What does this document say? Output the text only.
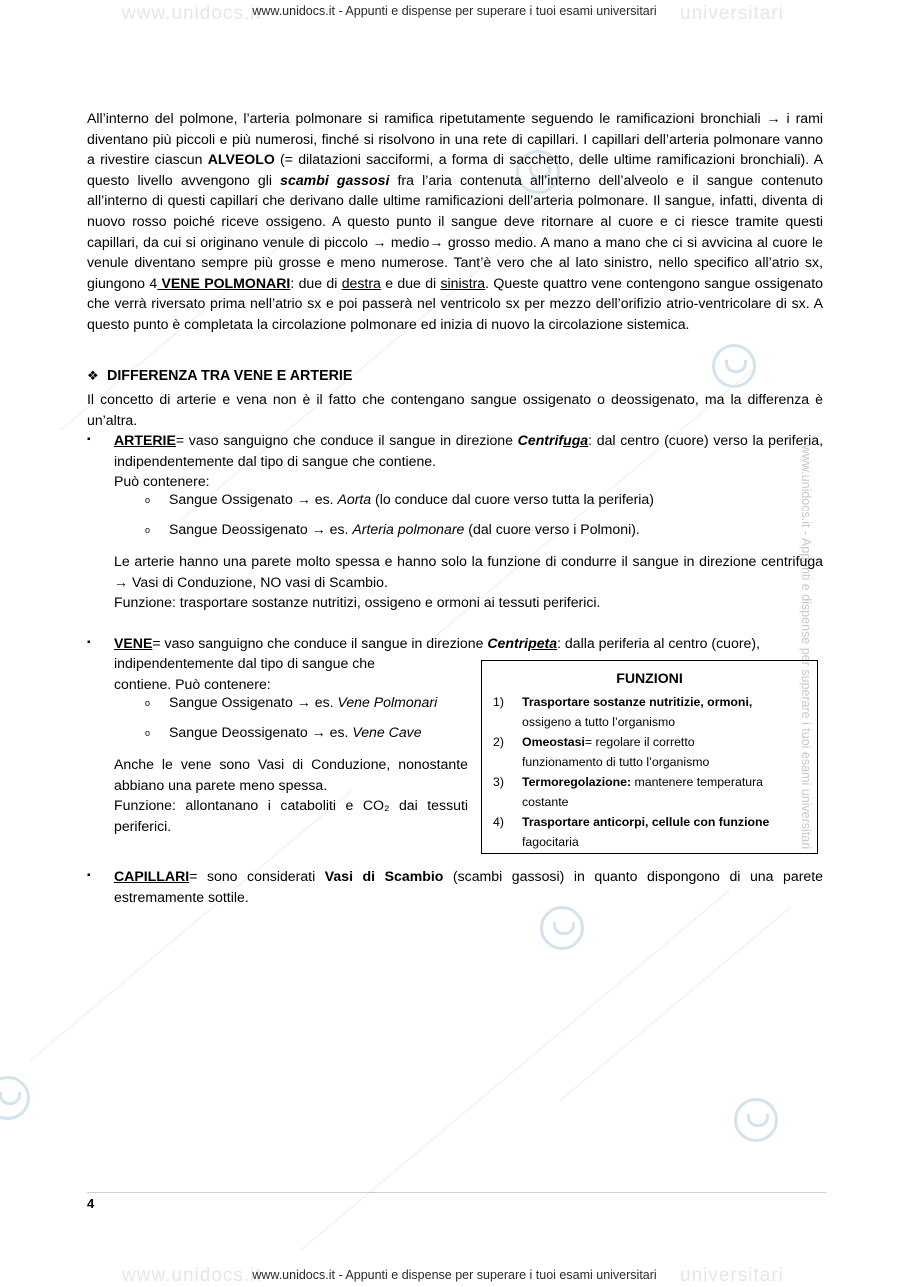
www.unidocs.it	universitari
www.unidocs.it	universitari
www.unidocs.it - Appunti e dispense per superare i tuoi esami universitari
www.unidocs.it - Appunti e dispense per superare i tuoi esami universitari

All’interno del polmone, l’arteria polmonare si ramifica ripetutamente seguendo le ramificazioni bronchiali → i rami diventano più piccoli e più numerosi, finché si risolvono in una rete di capillari. I capillari dell’arteria polmonare vanno a rivestire ciascun ALVEOLO (= dilatazioni sacciformi, a forma di sacchetto, delle ultime ramificazioni bronchiali). A questo livello avvengono gli scambi gassosi fra l’aria contenuta all’interno dell’alveolo e il sangue contenuto all’interno di questi capillari che derivano dalle ultime ramificazioni dell’arteria polmonare. Il sangue, infatti, diventa di nuovo rosso poiché riceve ossigeno. A questo punto il sangue deve ritornare al cuore e ci riesce tramite questi capillari, da cui si originano venule di piccolo → medio→ grosso medio. A mano a mano che ci si avvicina al cuore le venule diventano sempre più grosse e meno numerose. Tant’è vero che al lato sinistro, nello specifico all’atrio sx, giungono 4 VENE POLMONARI: due di destra e due di sinistra. Queste quattro vene contengono sangue ossigenato che verrà riversato prima nell’atrio sx e poi passerà nel ventricolo sx per mezzo dell’orifizio atrio-ventricolare di sx. A questo punto è completata la circolazione polmonare ed inizia di nuovo la circolazione sistemica.

❖ DIFFERENZA TRA VENE E ARTERIE

Il concetto di arterie e vena non è il fatto che contengano sangue ossigenato o deossigenato, ma la differenza è un’altra.

▪ ARTERIE= vaso sanguigno che conduce il sangue in direzione Centrifuga: dal centro (cuore) verso la periferia, indipendentemente dal tipo di sangue che contiene.
Può contenere:
o Sangue Ossigenato → es. Aorta (lo conduce dal cuore verso tutta la periferia)
o Sangue Deossigenato → es. Arteria polmonare (dal cuore verso i Polmoni).
Le arterie hanno una parete molto spessa e hanno solo la funzione di condurre il sangue in direzione centrifuga → Vasi di Conduzione, NO vasi di Scambio.
Funzione: trasportare sostanze nutritizi, ossigeno e ormoni ai tessuti periferici.
▪ VENE= vaso sanguigno che conduce il sangue in direzione Centripeta: dalla periferia al centro (cuore),
indipendentemente dal tipo di sangue che
contiene. Può contenere:
o Sangue Ossigenato → es. Vene Polmonari
o Sangue Deossigenato → es. Vene Cave
Anche le vene sono Vasi di Conduzione, nonostante abbiano una parete meno spessa.
Funzione: allontanano i cataboliti e CO₂ dai tessuti periferici.
FUNZIONI
1) Trasportare sostanze nutritizie, ormoni,
ossigeno a tutto l’organismo
2) Omeostasi= regolare il corretto
funzionamento di tutto l’organismo
3) Termoregolazione: mantenere temperatura
costante
4) Trasportare anticorpi, cellule con funzione
fagocitaria
▪ CAPILLARI= sono considerati Vasi di Scambio (scambi gassosi) in quanto dispongono di una parete estremamente sottile.
4
www.unidocs.it - Appunti e dispense per superare i tuoi esami universitari
